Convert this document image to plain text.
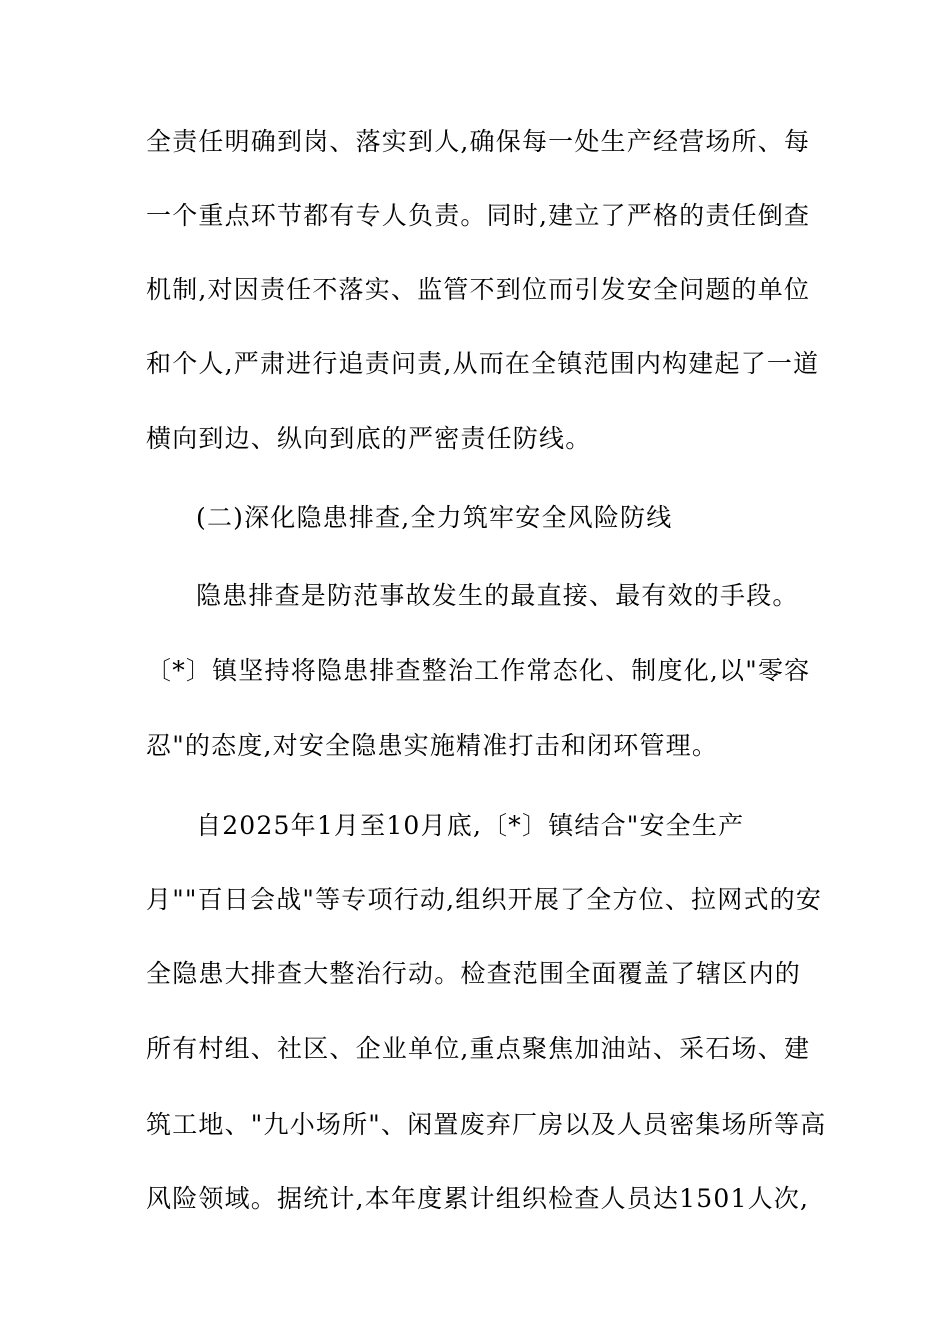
全责任明确到岗、落实到人,确保每一处生产经营场所、每
一个重点环节都有专人负责。同时,建立了严格的责任倒查
机制,对因责任不落实、监管不到位而引发安全问题的单位
和个人,严肃进行追责问责,从而在全镇范围内构建起了一道
横向到边、纵向到底的严密责任防线。
(二)深化隐患排查,全力筑牢安全风险防线
隐患排查是防范事故发生的最直接、最有效的手段。
〔*〕镇坚持将隐患排查整治工作常态化、制度化,以"零容
忍"的态度,对安全隐患实施精准打击和闭环管理。
自2025年1月至10月底,〔*〕镇结合"安全生产
月""百日会战"等专项行动,组织开展了全方位、拉网式的安
全隐患大排查大整治行动。检查范围全面覆盖了辖区内的
所有村组、社区、企业单位,重点聚焦加油站、采石场、建
筑工地、"九小场所"、闲置废弃厂房以及人员密集场所等高
风险领域。据统计,本年度累计组织检查人员达1501人次,
